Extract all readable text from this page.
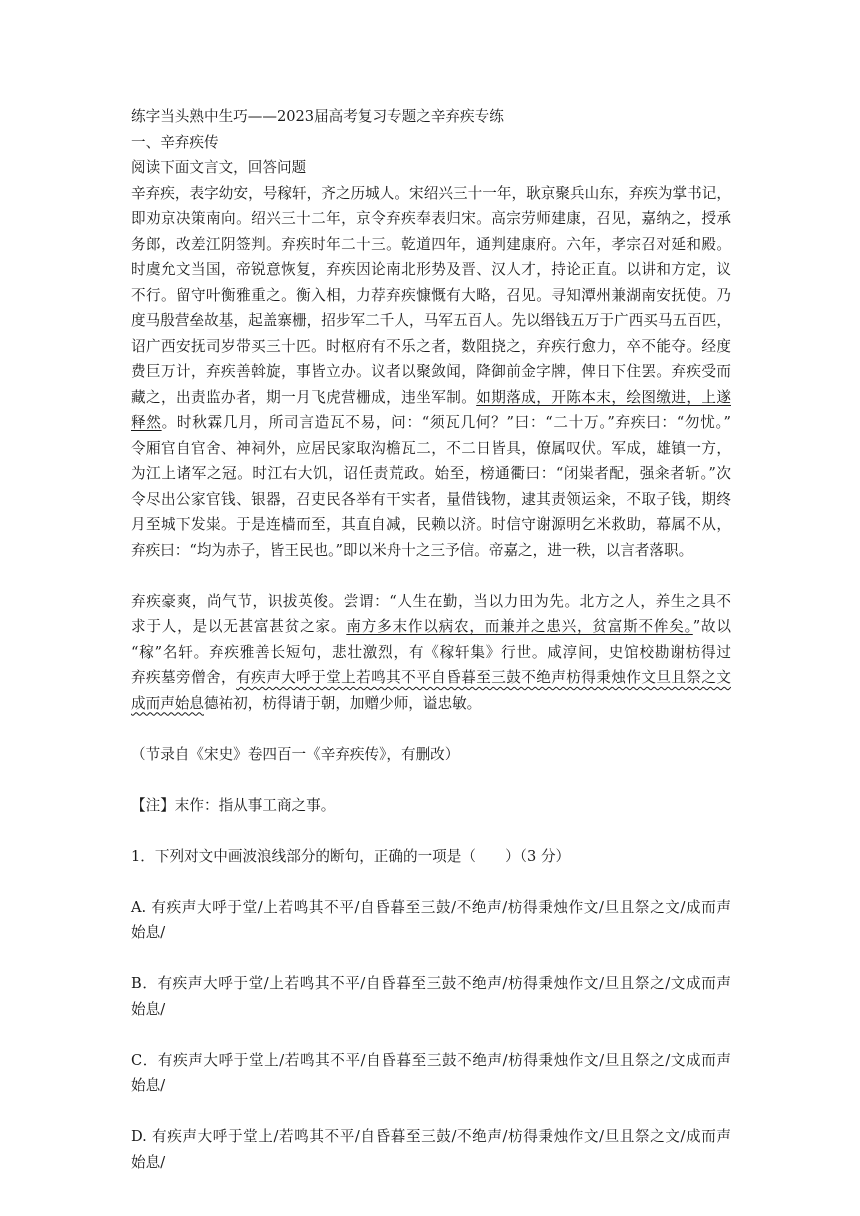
练字当头熟中生巧——2023届高考复习专题之辛弃疾专练
一、辛弃疾传
阅读下面文言文，回答问题
辛弃疾，表字幼安，号稼轩，齐之历城人。宋绍兴三十一年，耿京聚兵山东，弃疾为掌书记，
即劝京决策南向。绍兴三十二年，京令弃疾奉表归宋。高宗劳师建康，召见，嘉纳之，授承
务郎，改差江阴签判。弃疾时年二十三。乾道四年，通判建康府。六年，孝宗召对延和殿。
时虞允文当国，帝锐意恢复，弃疾因论南北形势及晋、汉人才，持论正直。以讲和方定，议
不行。留守叶衡雅重之。衡入相，力荐弃疾慷慨有大略，召见。寻知潭州兼湖南安抚使。乃
度马殷营垒故基，起盖寨栅，招步军二千人，马军五百人。先以缗钱五万于广西买马五百匹，
诏广西安抚司岁带买三十匹。时枢府有不乐之者，数阻挠之，弃疾行愈力，卒不能夺。经度
费巨万计，弃疾善斡旋，事皆立办。议者以聚敛闻，降御前金字牌，俾日下住罢。弃疾受而
藏之，出责监办者，期一月飞虎营栅成，违坐军制。如期落成，开陈本末，绘图缴进，上遂
释然。时秋霖几月，所司言造瓦不易，问：“须瓦几何？”曰：“二十万。”弃疾曰：“勿忧。”
令厢官自官舍、神祠外，应居民家取沟檐瓦二，不二日皆具，僚属叹伏。军成，雄镇一方，
为江上诸军之冠。时江右大饥，诏任责荒政。始至，榜通衢曰：“闭粜者配，强籴者斩。”次
令尽出公家官钱、银器，召吏民各举有干实者，量借钱物，逮其责领运籴，不取子钱，期终
月至城下发粜。于是连樯而至，其直自减，民赖以济。时信守谢源明乞米救助，幕属不从，
弃疾曰：“均为赤子，皆王民也。”即以米舟十之三予信。帝嘉之，进一秩，以言者落职。
弃疾豪爽，尚气节，识拔英俊。尝谓：“人生在勤，当以力田为先。北方之人，养生之具不
求于人，是以无甚富甚贫之家。南方多末作以病农，而兼并之患兴，贫富斯不侔矣。”故以
“稼”名轩。弃疾雅善长短句，悲壮激烈，有《稼轩集》行世。咸淳间，史馆校勘谢枋得过
弃疾墓旁僧舍，有疾声大呼于堂上若鸣其不平自昏暮至三鼓不绝声枋得秉烛作文旦且祭之文
成而声始息德祐初，枋得请于朝，加赠少师，谥忠敏。
（节录自《宋史》卷四百一《辛弃疾传》，有删改）
【注】末作：指从事工商之事。
1．下列对文中画波浪线部分的断句，正确的一项是（　　）（3 分）
A. 有疾声大呼于堂/上若鸣其不平/自昏暮至三鼓/不绝声/枋得秉烛作文/旦且祭之文/成而声
始息/
B．有疾声大呼于堂/上若鸣其不平/自昏暮至三鼓不绝声/枋得秉烛作文/旦且祭之/文成而声
始息/
C．有疾声大呼于堂上/若鸣其不平/自昏暮至三鼓不绝声/枋得秉烛作文/旦且祭之/文成而声
始息/
D. 有疾声大呼于堂上/若鸣其不平/自昏暮至三鼓/不绝声/枋得秉烛作文/旦且祭之文/成而声
始息/
